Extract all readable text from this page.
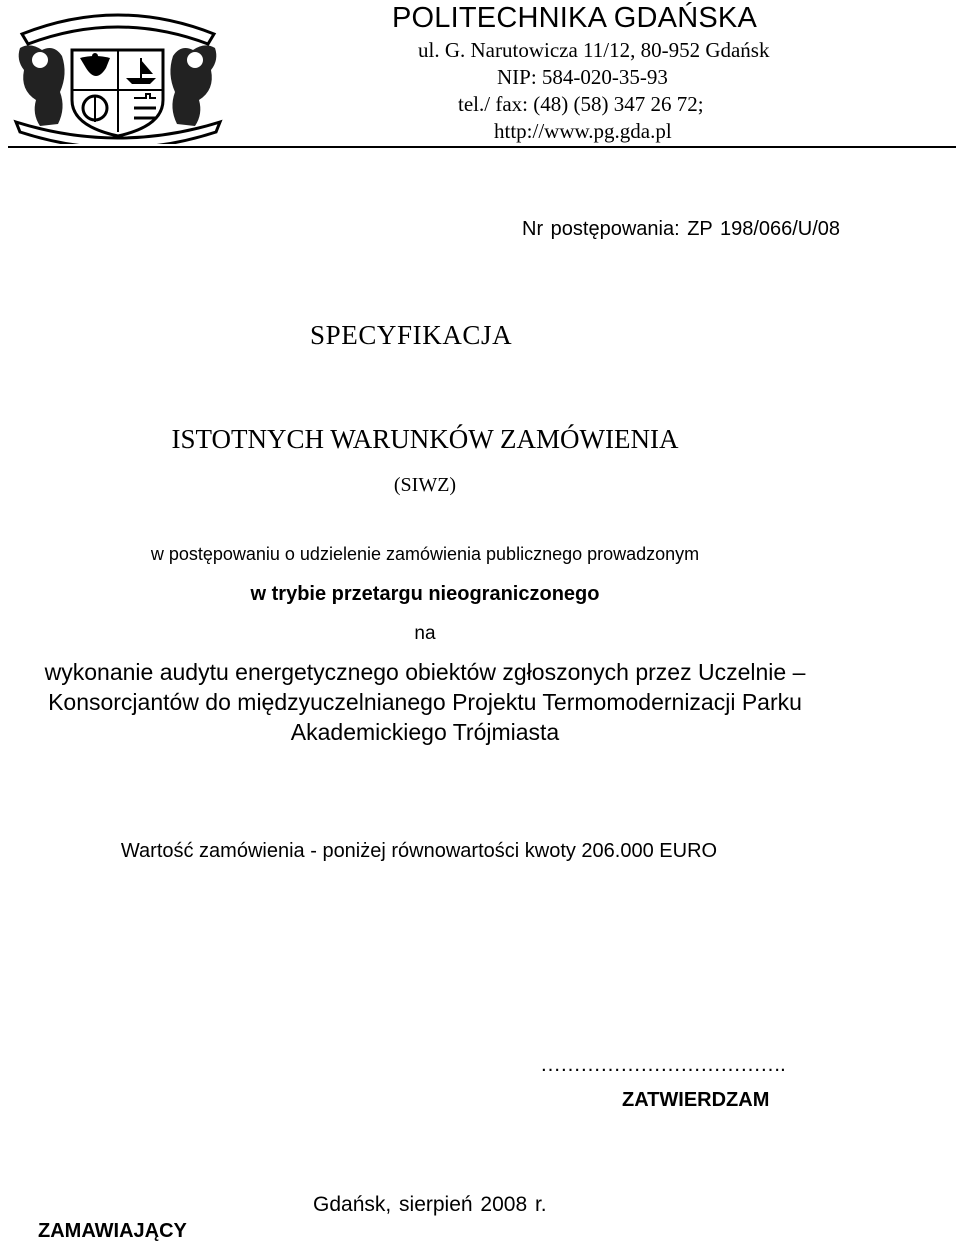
POLITECHNIKA GDAŃSKA
ul. G. Narutowicza 11/12, 80-952 Gdańsk
NIP: 584-020-35-93
tel./ fax: (48) (58) 347 26 72;
http://www.pg.gda.pl
Nr postępowania: ZP 198/066/U/08
SPECYFIKACJA
ISTOTNYCH WARUNKÓW ZAMÓWIENIA
(SIWZ)
w postępowaniu o udzielenie zamówienia publicznego prowadzonym
w trybie przetargu nieograniczonego
na
wykonanie audytu energetycznego obiektów zgłoszonych przez Uczelnie –
Konsorcjantów do międzyuczelnianego Projektu Termomodernizacji Parku
Akademickiego Trójmiasta
Wartość zamówienia - poniżej równowartości kwoty 206.000 EURO
……………………………….
ZATWIERDZAM
Gdańsk, sierpień 2008 r.
ZAMAWIAJĄCY
